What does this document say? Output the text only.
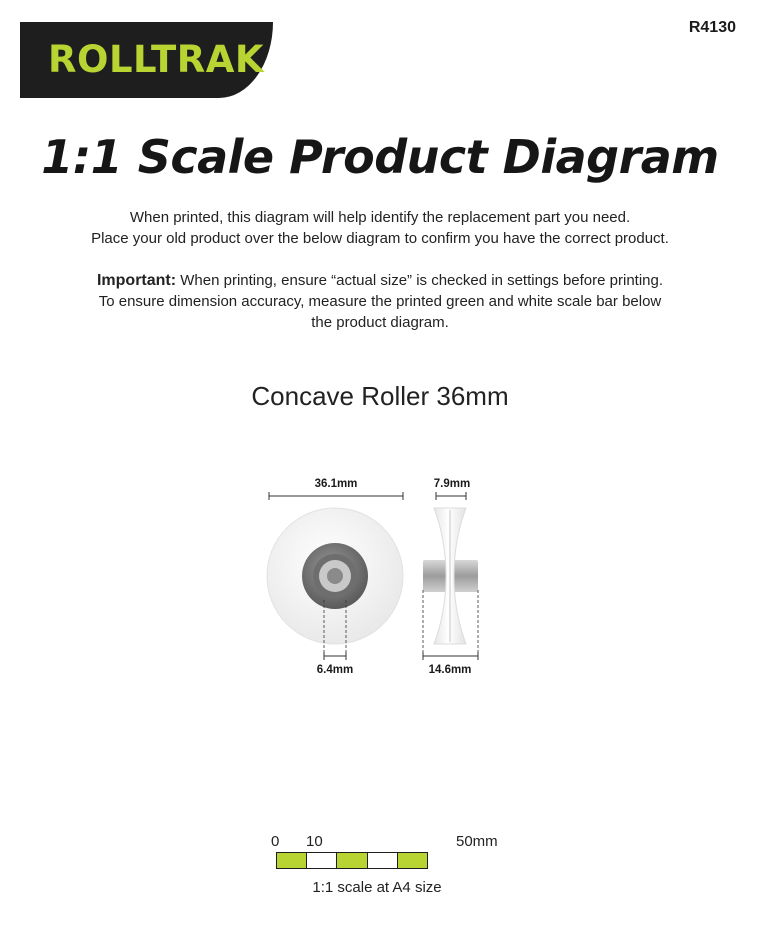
ROLLTRAK
R4130
1:1 Scale Product Diagram
When printed, this diagram will help identify the replacement part you need.
Place your old product over the below diagram to confirm you have the correct product.
Important: When printing, ensure “actual size” is checked in settings before printing.
To ensure dimension accuracy, measure the printed green and white scale bar below
the product diagram.
Concave Roller 36mm
36.1mm	7.9mm
6.4mm	14.6mm
0 10	50mm
1:1 scale at A4 size
